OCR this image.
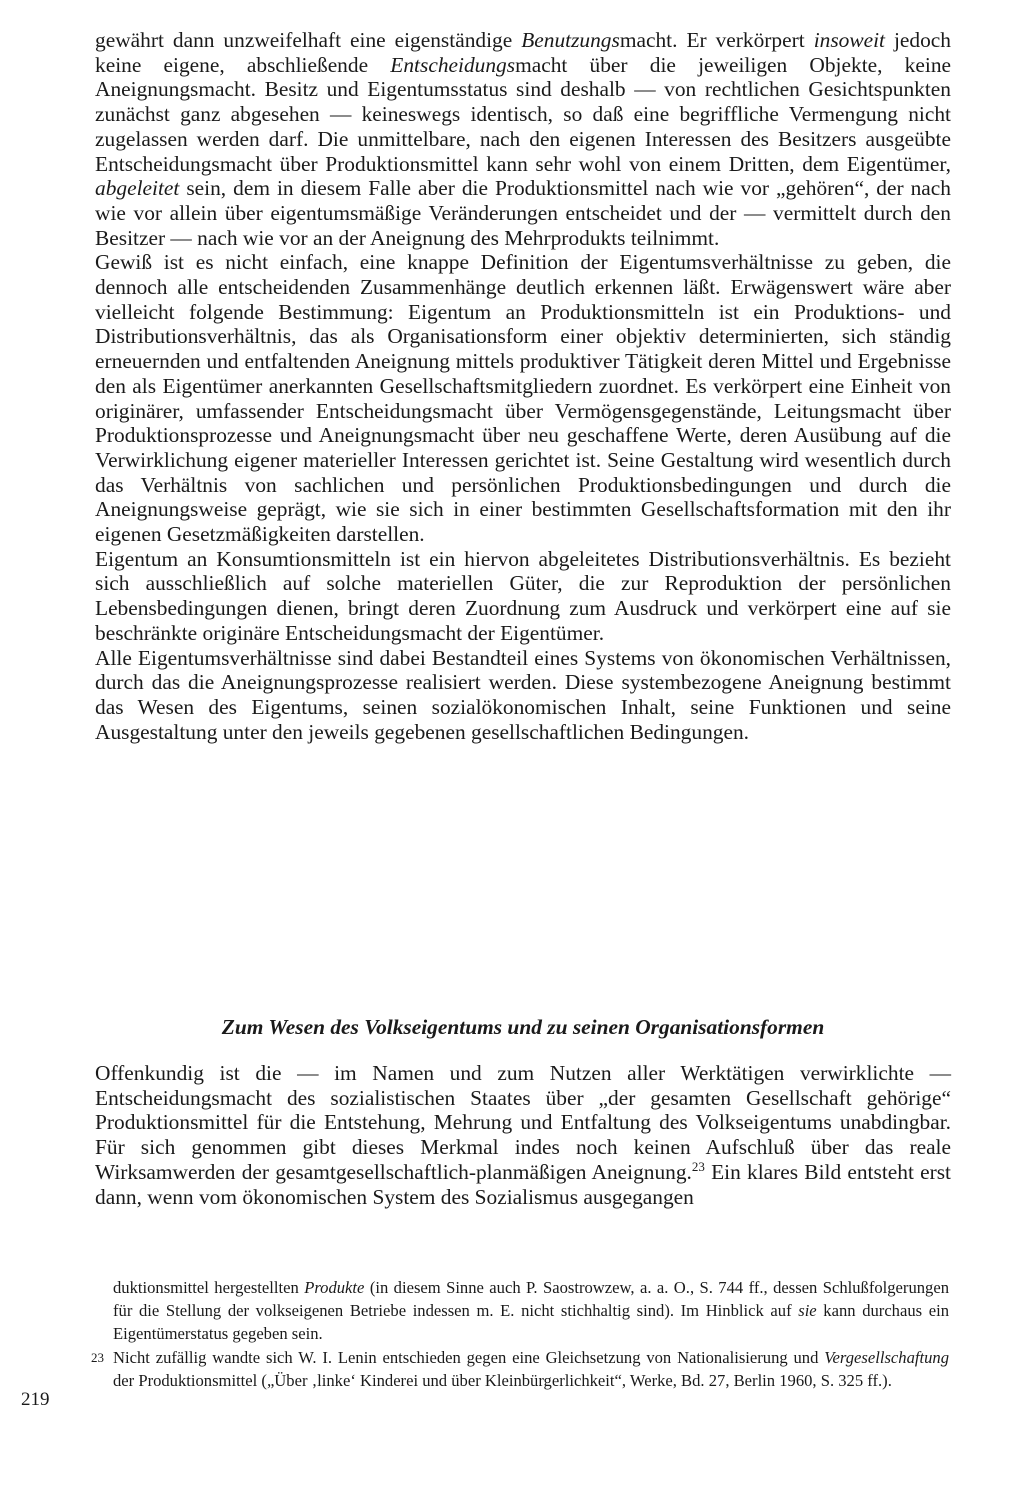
gewährt dann unzweifelhaft eine eigenständige Benutzungsmacht. Er verkörpert insoweit jedoch keine eigene, abschließende Entscheidungsmacht über die jeweiligen Objekte, keine Aneignungsmacht. Besitz und Eigentumsstatus sind deshalb — von rechtlichen Gesichtspunkten zunächst ganz abgesehen — keineswegs identisch, so daß eine begriffliche Vermengung nicht zugelassen werden darf. Die unmittelbare, nach den eigenen Interessen des Besitzers ausgeübte Entscheidungsmacht über Produktionsmittel kann sehr wohl von einem Dritten, dem Eigentümer, abgeleitet sein, dem in diesem Falle aber die Produktionsmittel nach wie vor „gehören“, der nach wie vor allein über eigentumsmäßige Veränderungen entscheidet und der — vermittelt durch den Besitzer — nach wie vor an der Aneignung des Mehrprodukts teilnimmt.

Gewiß ist es nicht einfach, eine knappe Definition der Eigentumsverhältnisse zu geben, die dennoch alle entscheidenden Zusammenhänge deutlich erkennen läßt. Erwägenswert wäre aber vielleicht folgende Bestimmung: Eigentum an Produktionsmitteln ist ein Produktions- und Distributionsverhältnis, das als Organisationsform einer objektiv determinierten, sich ständig erneuernden und entfaltenden Aneignung mittels produktiver Tätigkeit deren Mittel und Ergebnisse den als Eigentümer anerkannten Gesellschaftsmitgliedern zuordnet. Es verkörpert eine Einheit von originärer, umfassender Entscheidungsmacht über Vermögensgegenstände, Leitungsmacht über Produktionsprozesse und Aneignungsmacht über neu geschaffene Werte, deren Ausübung auf die Verwirklichung eigener materieller Interessen gerichtet ist. Seine Gestaltung wird wesentlich durch das Verhältnis von sachlichen und persönlichen Produktionsbedingungen und durch die Aneignungsweise geprägt, wie sie sich in einer bestimmten Gesellschaftsformation mit den ihr eigenen Gesetzmäßigkeiten darstellen.

Eigentum an Konsumtionsmitteln ist ein hiervon abgeleitetes Distributionsverhältnis. Es bezieht sich ausschließlich auf solche materiellen Güter, die zur Reproduktion der persönlichen Lebensbedingungen dienen, bringt deren Zuordnung zum Ausdruck und verkörpert eine auf sie beschränkte originäre Entscheidungsmacht der Eigentümer.

Alle Eigentumsverhältnisse sind dabei Bestandteil eines Systems von ökonomischen Verhältnissen, durch das die Aneignungsprozesse realisiert werden. Diese systembezogene Aneignung bestimmt das Wesen des Eigentums, seinen sozialökonomischen Inhalt, seine Funktionen und seine Ausgestaltung unter den jeweils gegebenen gesellschaftlichen Bedingungen.

Zum Wesen des Volkseigentums und zu seinen Organisationsformen

Offenkundig ist die — im Namen und zum Nutzen aller Werktätigen verwirklichte — Entscheidungsmacht des sozialistischen Staates über „der gesamten Gesellschaft gehörige“ Produktionsmittel für die Entstehung, Mehrung und Entfaltung des Volkseigentums unabdingbar. Für sich genommen gibt dieses Merkmal indes noch keinen Aufschluß über das reale Wirksamwerden der gesamtgesellschaftlich-planmäßigen Aneignung.$^{23}$ Ein klares Bild entsteht erst dann, wenn vom ökonomischen System des Sozialismus ausgegangen

duktionsmittel hergestellten Produkte (in diesem Sinne auch P. Saostrowzew, a. a. O., S. 744 ff., dessen Schlußfolgerungen für die Stellung der volkseigenen Betriebe indessen m. E. nicht stichhaltig sind). Im Hinblick auf sie kann durchaus ein Eigentümerstatus gegeben sein.

23 Nicht zufällig wandte sich W. I. Lenin entschieden gegen eine Gleichsetzung von Nationalisierung und Vergesellschaftung der Produktionsmittel („Über ‚linke‘ Kinderei und über Kleinbürgerlichkeit“, Werke, Bd. 27, Berlin 1960, S. 325 ff.).

219
